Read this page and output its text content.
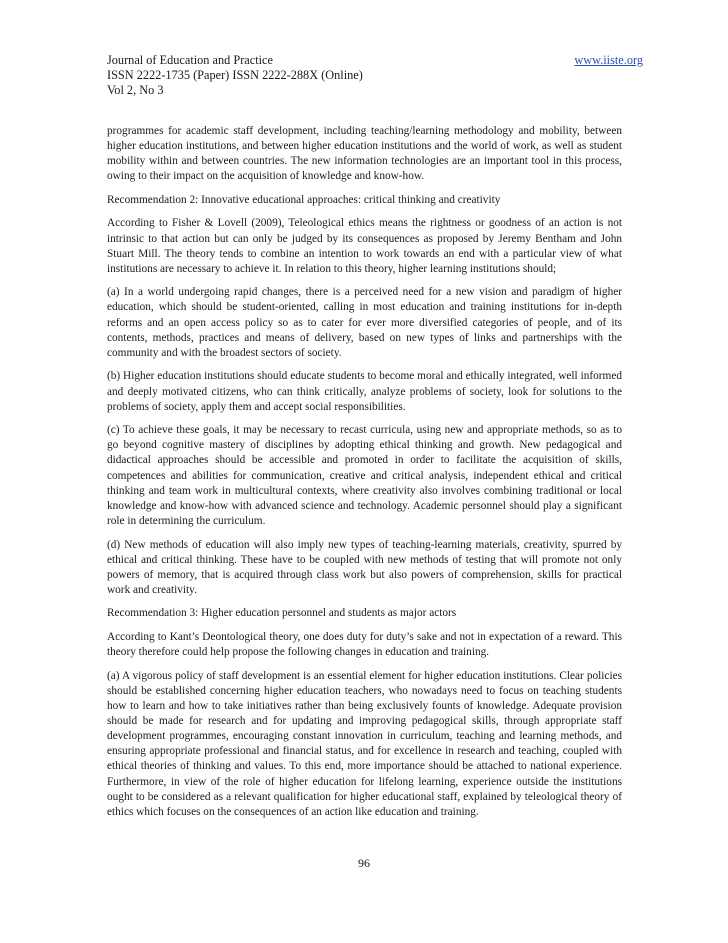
Journal of Education and Practice	www.iiste.org
ISSN 2222-1735 (Paper) ISSN 2222-288X (Online)
Vol 2, No 3

programmes for academic staff development, including teaching/learning methodology and mobility, between higher education institutions, and between higher education institutions and the world of work, as well as student mobility within and between countries. The new information technologies are an important tool in this process, owing to their impact on the acquisition of knowledge and know-how.

Recommendation 2: Innovative educational approaches: critical thinking and creativity

According to Fisher & Lovell (2009), Teleological ethics means the rightness or goodness of an action is not intrinsic to that action but can only be judged by its consequences as proposed by Jeremy Bentham and John Stuart Mill. The theory tends to combine an intention to work towards an end with a particular view of what institutions are necessary to achieve it. In relation to this theory, higher learning institutions should;

(a) In a world undergoing rapid changes, there is a perceived need for a new vision and paradigm of higher education, which should be student-oriented, calling in most education and training institutions for in-depth reforms and an open access policy so as to cater for ever more diversified categories of people, and of its contents, methods, practices and means of delivery, based on new types of links and partnerships with the community and with the broadest sectors of society.

(b) Higher education institutions should educate students to become moral and ethically integrated, well informed and deeply motivated citizens, who can think critically, analyze problems of society, look for solutions to the problems of society, apply them and accept social responsibilities.

(c) To achieve these goals, it may be necessary to recast curricula, using new and appropriate methods, so as to go beyond cognitive mastery of disciplines by adopting ethical thinking and growth. New pedagogical and didactical approaches should be accessible and promoted in order to facilitate the acquisition of skills, competences and abilities for communication, creative and critical analysis, independent ethical and critical thinking and team work in multicultural contexts, where creativity also involves combining traditional or local knowledge and know-how with advanced science and technology. Academic personnel should play a significant role in determining the curriculum.

(d) New methods of education will also imply new types of teaching-learning materials, creativity, spurred by ethical and critical thinking. These have to be coupled with new methods of testing that will promote not only powers of memory, that is acquired through class work but also powers of comprehension, skills for practical work and creativity.

Recommendation 3: Higher education personnel and students as major actors

According to Kant’s Deontological theory, one does duty for duty’s sake and not in expectation of a reward. This theory therefore could help propose the following changes in education and training.

(a) A vigorous policy of staff development is an essential element for higher education institutions. Clear policies should be established concerning higher education teachers, who nowadays need to focus on teaching students how to learn and how to take initiatives rather than being exclusively founts of knowledge. Adequate provision should be made for research and for updating and improving pedagogical skills, through appropriate staff development programmes, encouraging constant innovation in curriculum, teaching and learning methods, and ensuring appropriate professional and financial status, and for excellence in research and teaching, coupled with ethical theories of thinking and values. To this end, more importance should be attached to national experience. Furthermore, in view of the role of higher education for lifelong learning, experience outside the institutions ought to be considered as a relevant qualification for higher educational staff, explained by teleological theory of ethics which focuses on the consequences of an action like education and training.

96
